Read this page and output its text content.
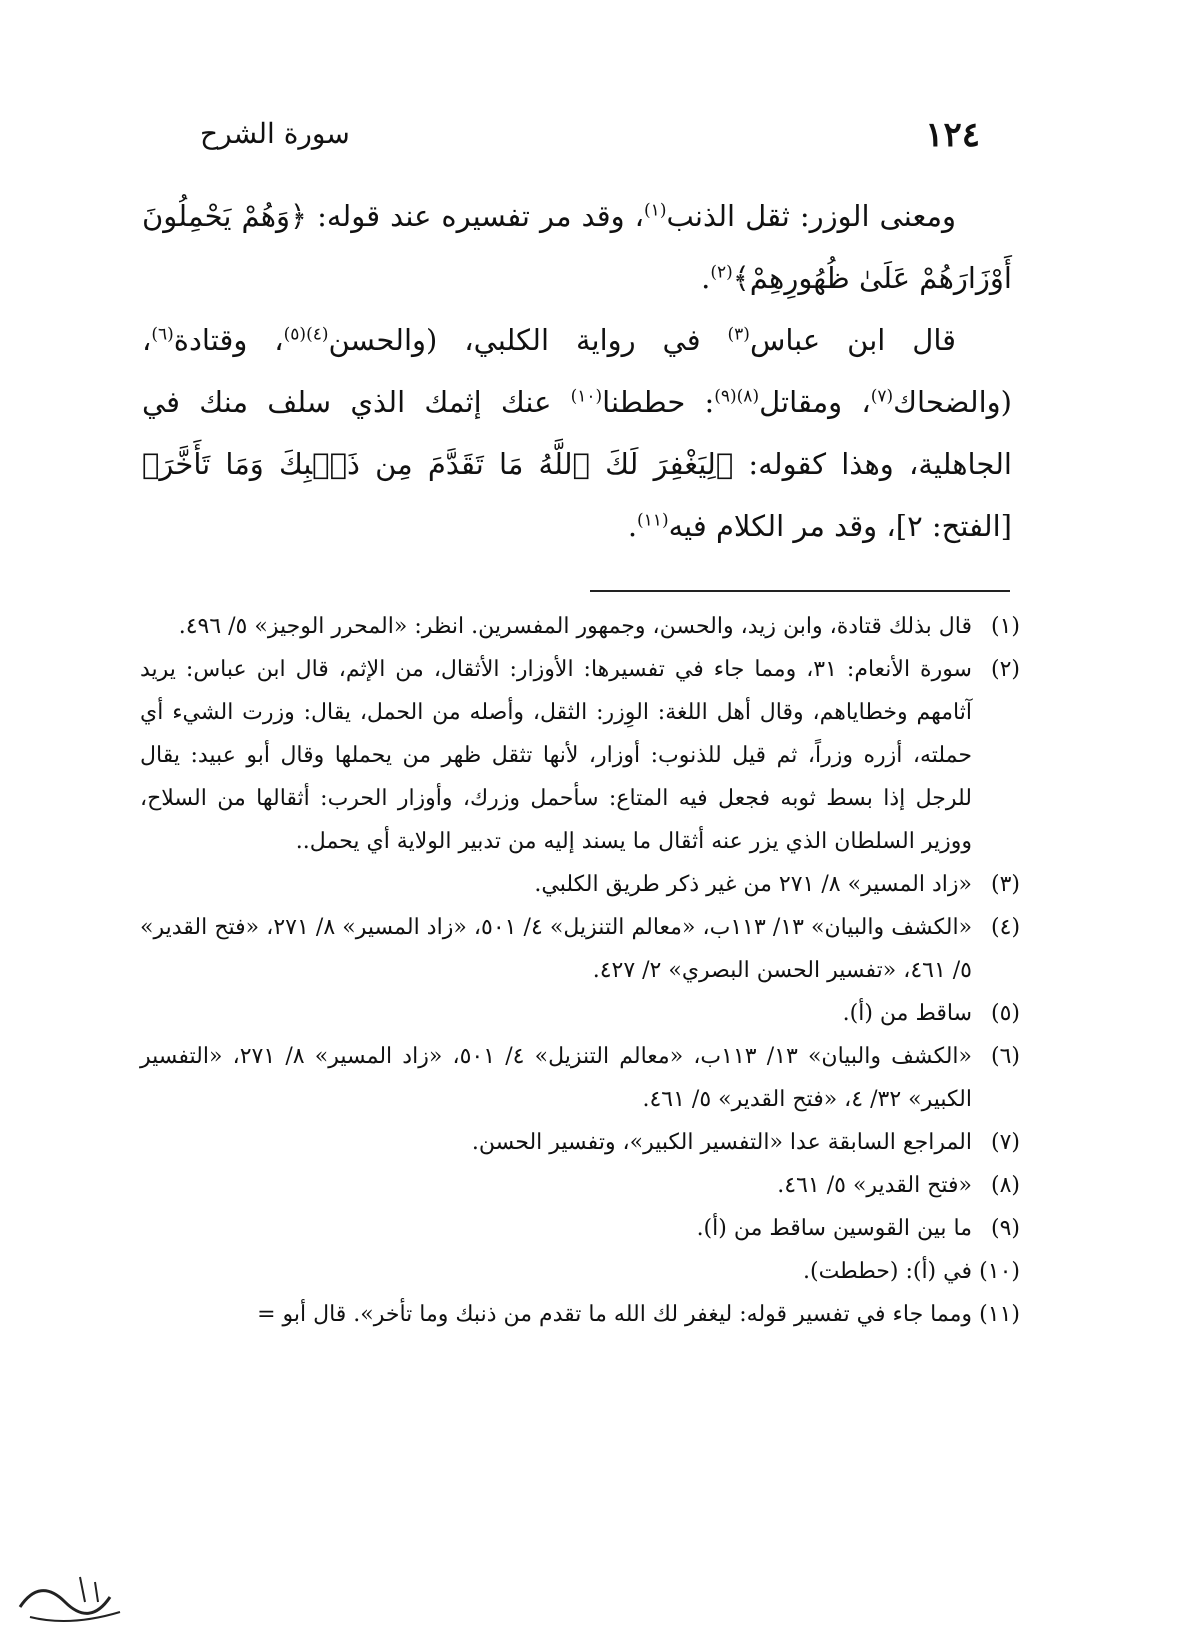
١٢٤
سورة الشرح

ومعنى الوزر: ثقل الذنب$^{(١)}$، وقد مر تفسيره عند قوله: ﴿وَهُمْ يَحْمِلُونَ أَوْزَارَهُمْ عَلَىٰ ظُهُورِهِمْ﴾$^{(٢)}$.

قال ابن عباس$^{(٣)}$ في رواية الكلبي، (والحسن$^{(٤)(٥)}$، وقتادة$^{(٦)}$، (والضحاك$^{(٧)}$، ومقاتل$^{(٨)(٩)}$: حططنا$^{(١٠)}$ عنك إثمك الذي سلف منك في الجاهلية، وهذا كقوله: ﴿لِيَغْفِرَ لَكَ ٱللَّهُ مَا تَقَدَّمَ مِن ذَنۢبِكَ وَمَا تَأَخَّرَ﴾ [الفتح: ٢]، وقد مر الكلام فيه$^{(١١)}$.

(١)قال بذلك قتادة، وابن زيد، والحسن، وجمهور المفسرين. انظر: «المحرر الوجيز» ٥/ ٤٩٦.

(٢)سورة الأنعام: ٣١، ومما جاء في تفسيرها: الأوزار: الأثقال، من الإثم، قال ابن عباس: يريد آثامهم وخطاياهم، وقال أهل اللغة: الوِزر: الثقل، وأصله من الحمل، يقال: وزرت الشيء أي حملته، أزره وزراً، ثم قيل للذنوب: أوزار، لأنها تثقل ظهر من يحملها وقال أبو عبيد: يقال للرجل إذا بسط ثوبه فجعل فيه المتاع: سأحمل وزرك، وأوزار الحرب: أثقالها من السلاح، ووزير السلطان الذي يزر عنه أثقال ما يسند إليه من تدبير الولاية أي يحمل..

(٣)«زاد المسير» ٨/ ٢٧١ من غير ذكر طريق الكلبي.

(٤)«الكشف والبيان» ١٣/ ١١٣ب، «معالم التنزيل» ٤/ ٥٠١، «زاد المسير» ٨/ ٢٧١، «فتح القدير» ٥/ ٤٦١، «تفسير الحسن البصري» ٢/ ٤٢٧.

(٥)ساقط من (أ).

(٦)«الكشف والبيان» ١٣/ ١١٣ب، «معالم التنزيل» ٤/ ٥٠١، «زاد المسير» ٨/ ٢٧١، «التفسير الكبير» ٣٢/ ٤، «فتح القدير» ٥/ ٤٦١.

(٧)المراجع السابقة عدا «التفسير الكبير»، وتفسير الحسن.

(٨)«فتح القدير» ٥/ ٤٦١.

(٩)ما بين القوسين ساقط من (أ).

(١٠)في (أ): (حططت).

(١١)ومما جاء في تفسير قوله: ليغفر لك الله ما تقدم من ذنبك وما تأخر». قال أبو =
